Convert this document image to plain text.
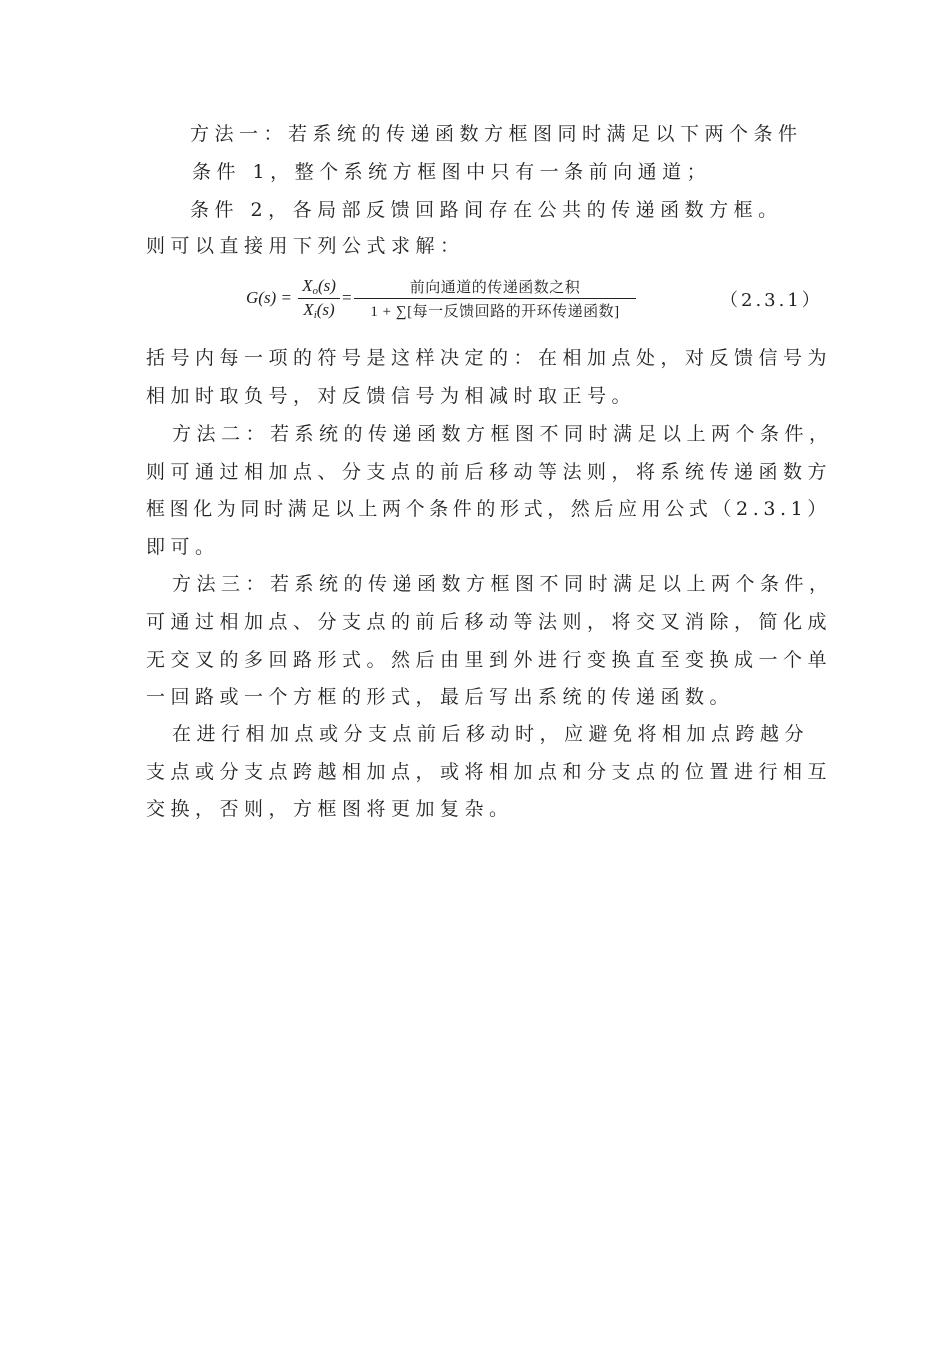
方法一：若系统的传递函数方框图同时满足以下两个条件
条件 1，整个系统方框图中只有一条前向通道；
条件 2，各局部反馈回路间存在公共的传递函数方框。
则可以直接用下列公式求解：
G(s) =
$X_o(s)$
$X_i(s)$
=	前向通道的传递函数之积
1 + ∑[每一反馈回路的开环传递函数]
（2.3.1）
括号内每一项的符号是这样决定的：在相加点处，对反馈信号为
相加时取负号，对反馈信号为相减时取正号。
方法二：若系统的传递函数方框图不同时满足以上两个条件，
则可通过相加点、分支点的前后移动等法则，将系统传递函数方
框图化为同时满足以上两个条件的形式，然后应用公式（2.3.1）
即可。
方法三：若系统的传递函数方框图不同时满足以上两个条件，
可通过相加点、分支点的前后移动等法则，将交叉消除，简化成
无交叉的多回路形式。然后由里到外进行变换直至变换成一个单
一回路或一个方框的形式，最后写出系统的传递函数。
在进行相加点或分支点前后移动时，应避免将相加点跨越分
支点或分支点跨越相加点，或将相加点和分支点的位置进行相互
交换，否则，方框图将更加复杂。
